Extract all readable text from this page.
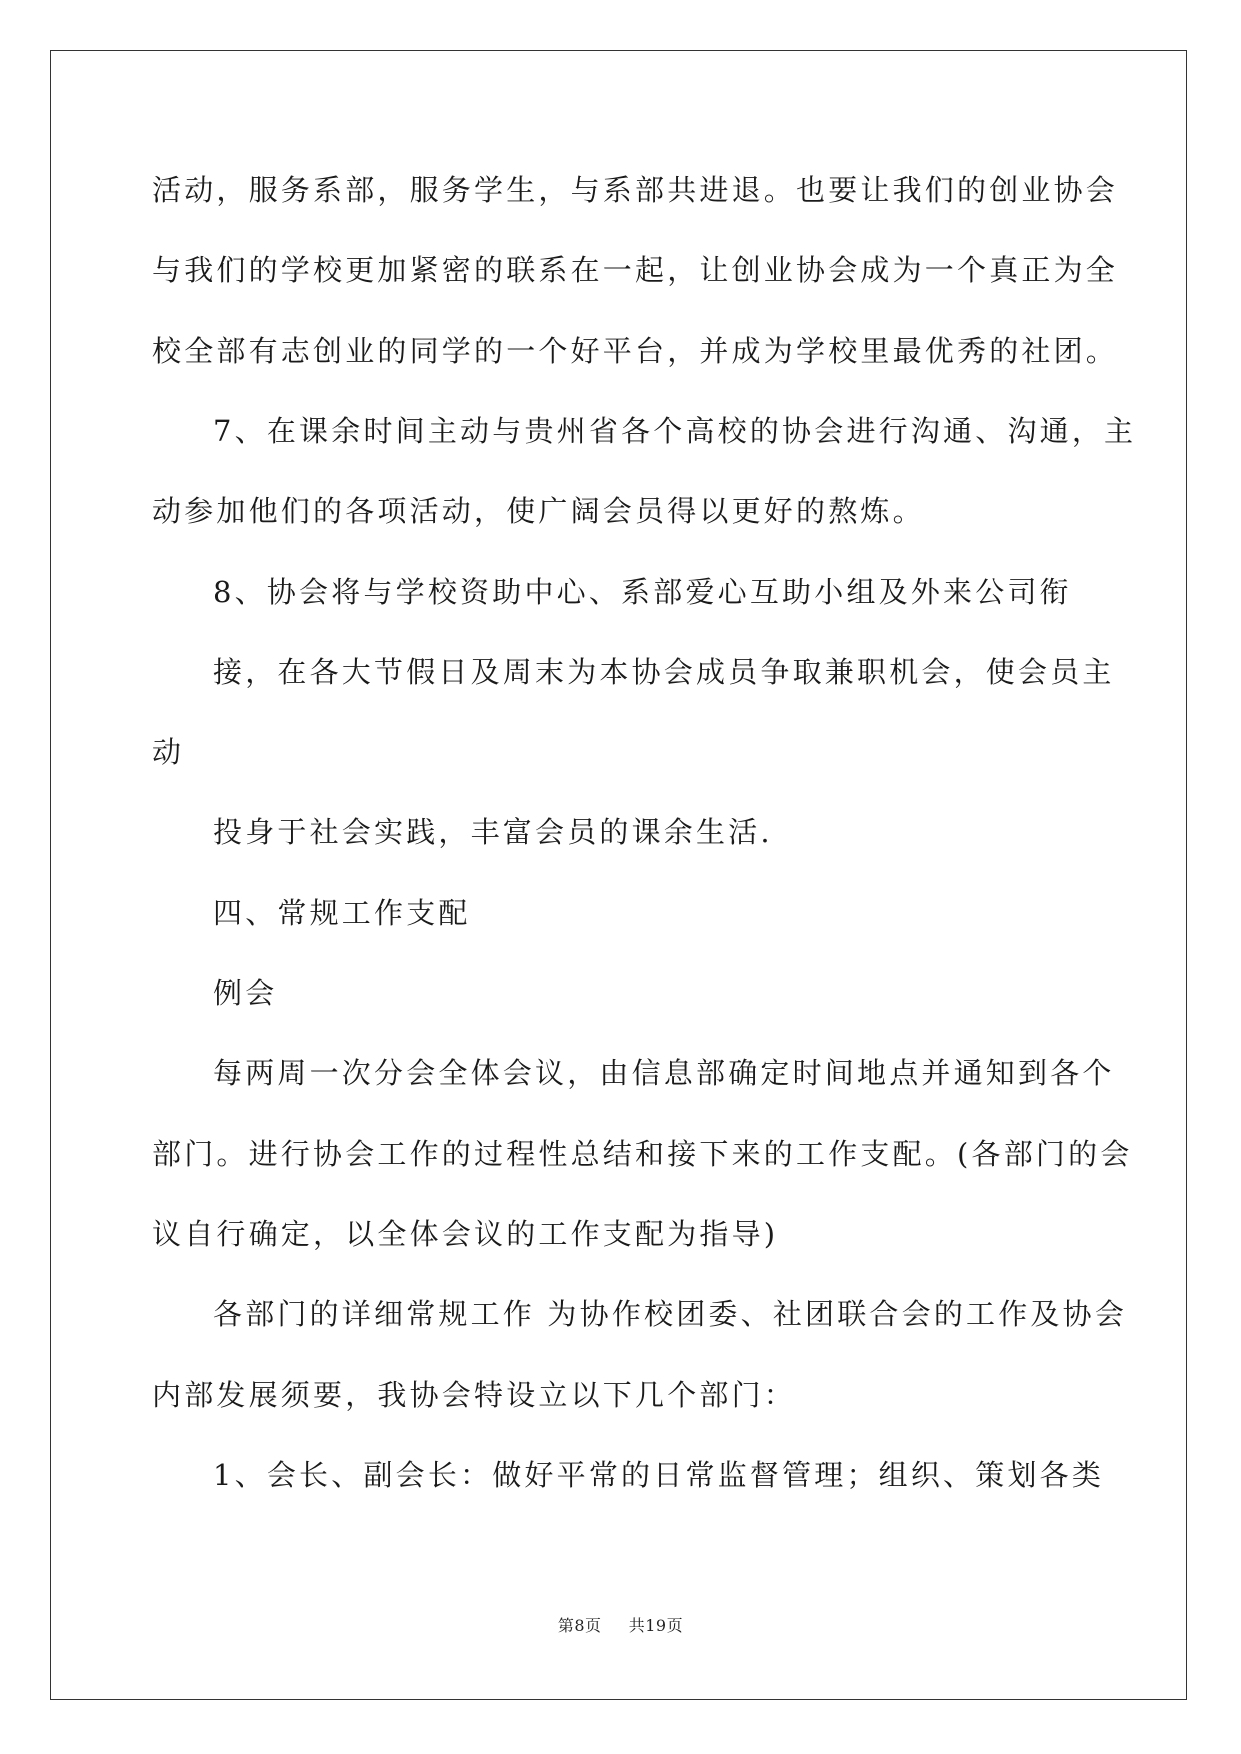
活动，服务系部，服务学生，与系部共进退。也要让我们的创业协会
与我们的学校更加紧密的联系在一起，让创业协会成为一个真正为全
校全部有志创业的同学的一个好平台，并成为学校里最优秀的社团。
7、在课余时间主动与贵州省各个高校的协会进行沟通、沟通，主
动参加他们的各项活动，使广阔会员得以更好的熬炼。
8、协会将与学校资助中心、系部爱心互助小组及外来公司衔
接，在各大节假日及周末为本协会成员争取兼职机会，使会员主
动
投身于社会实践，丰富会员的课余生活.
四、常规工作支配
例会
每两周一次分会全体会议，由信息部确定时间地点并通知到各个
部门。进行协会工作的过程性总结和接下来的工作支配。(各部门的会
议自行确定，以全体会议的工作支配为指导)
各部门的详细常规工作 为协作校团委、社团联合会的工作及协会
内部发展须要，我协会特设立以下几个部门：
1、会长、副会长：做好平常的日常监督管理；组织、策划各类
第8页 共19页
